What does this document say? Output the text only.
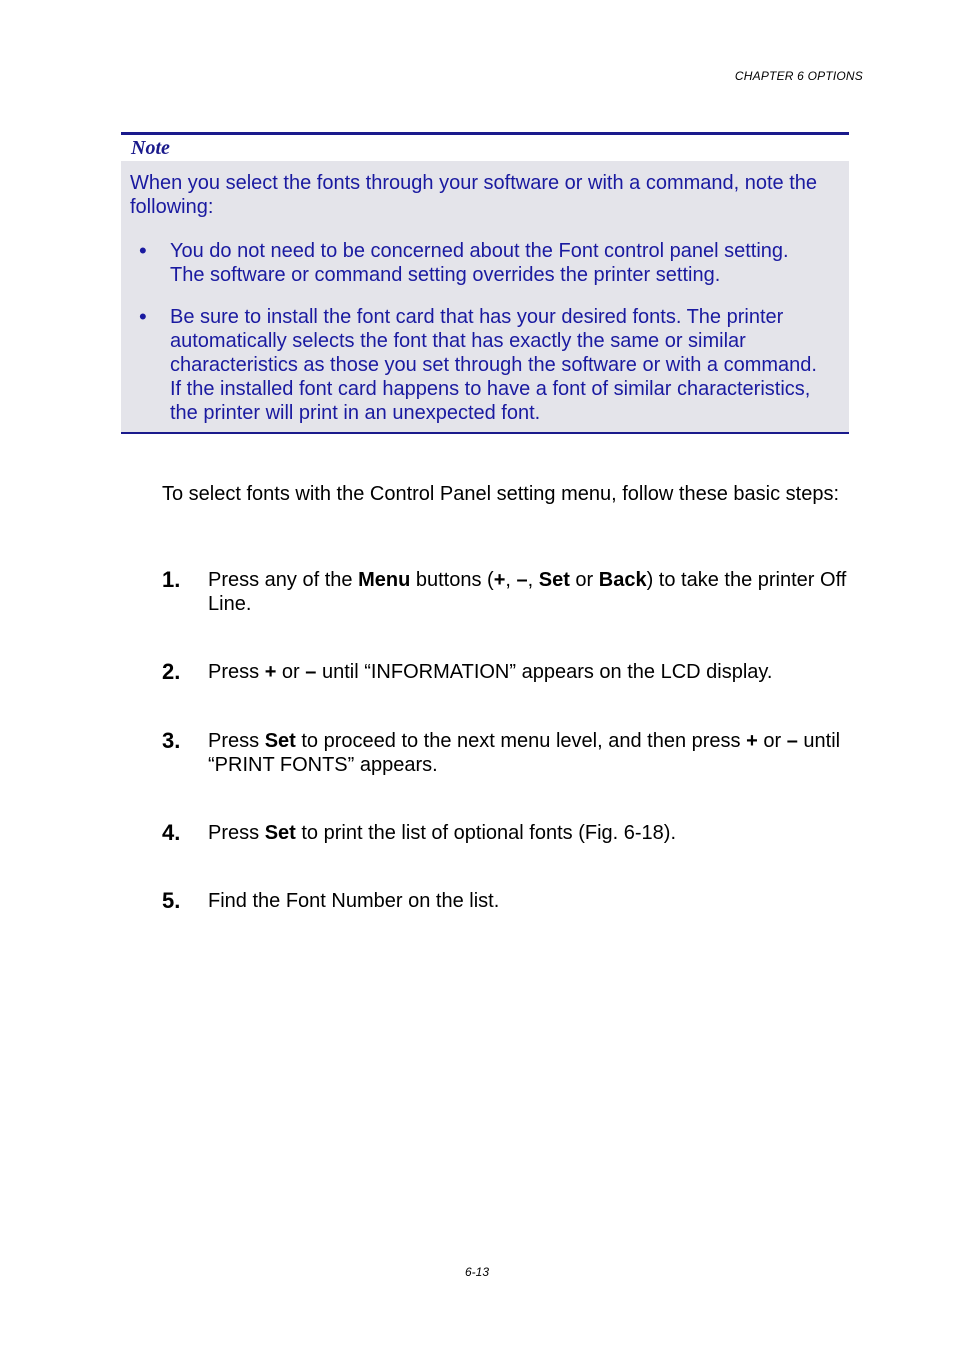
CHAPTER 6 OPTIONS
Note

When you select the fonts through your software or with a command, note the following:

•	You do not need to be concerned about the Font control panel setting. The software or command setting overrides the printer setting.
•	Be sure to install the font card that has your desired fonts. The printer automatically selects the font that has exactly the same or similar characteristics as those you set through the software or with a command. If the installed font card happens to have a font of similar characteristics, the printer will print in an unexpected font.
To select fonts with the Control Panel setting menu, follow these basic steps:
1.	Press any of the Menu buttons (+, –, Set or Back) to take the printer Off Line.
2.	Press + or – until “INFORMATION” appears on the LCD display.
3.	Press Set to proceed to the next menu level, and then press + or – until “PRINT FONTS” appears.
4.	Press Set to print the list of optional fonts (Fig. 6-18).
5.	Find the Font Number on the list.
6-13
